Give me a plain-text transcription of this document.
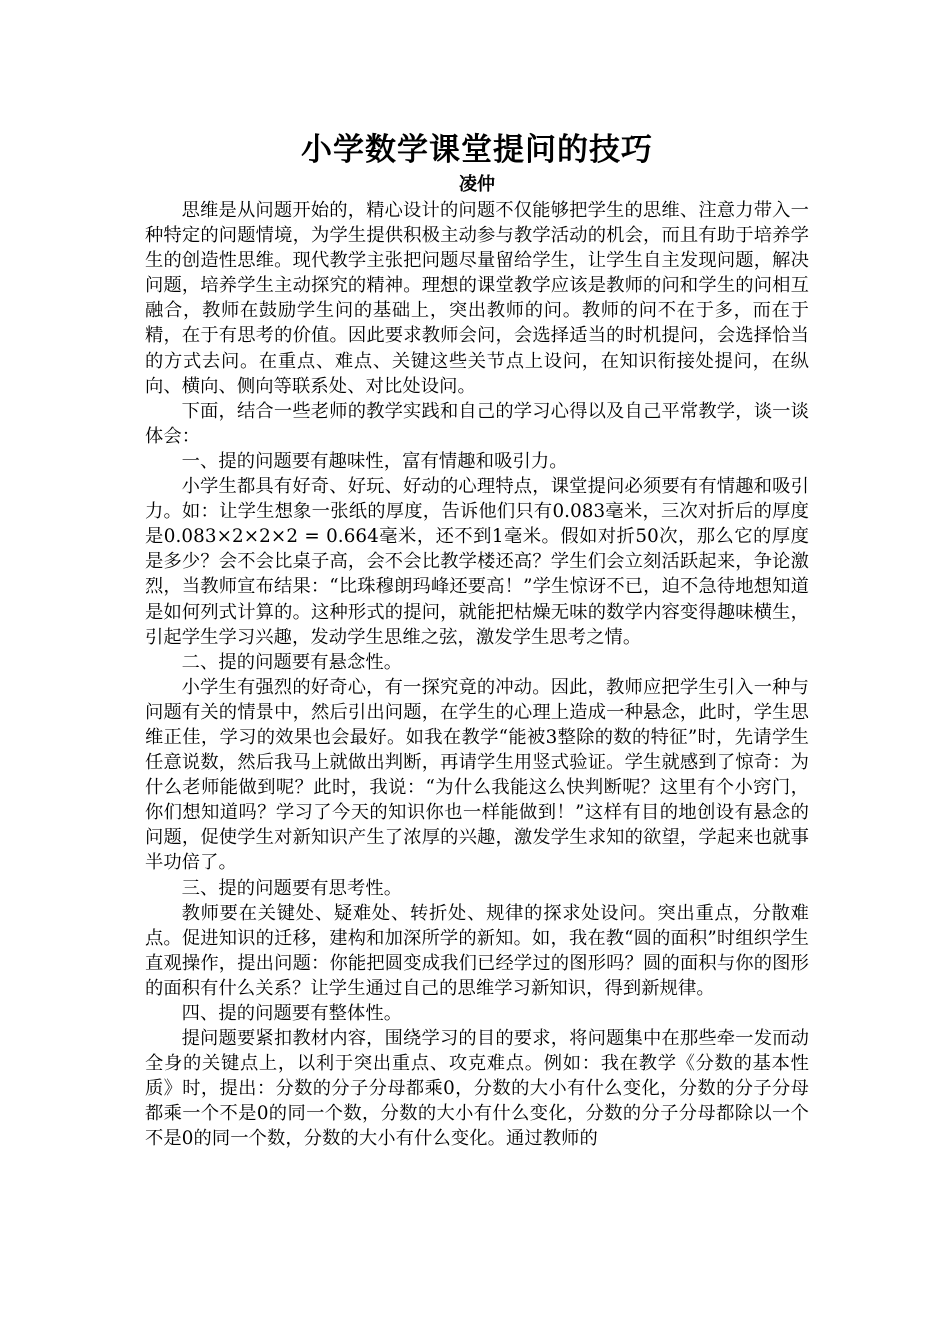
小学数学课堂提问的技巧

凌仲

思维是从问题开始的，精心设计的问题不仅能够把学生的思维、注意力带入一种特定的问题情境，为学生提供积极主动参与教学活动的机会，而且有助于培养学生的创造性思维。现代教学主张把问题尽量留给学生，让学生自主发现问题，解决问题，培养学生主动探究的精神。理想的课堂教学应该是教师的问和学生的问相互融合，教师在鼓励学生问的基础上，突出教师的问。教师的问不在于多，而在于精，在于有思考的价值。因此要求教师会问，会选择适当的时机提问，会选择恰当的方式去问。在重点、难点、关键这些关节点上设问，在知识衔接处提问，在纵向、横向、侧向等联系处、对比处设问。

下面，结合一些老师的教学实践和自己的学习心得以及自己平常教学，谈一谈体会：

一、提的问题要有趣味性，富有情趣和吸引力。

小学生都具有好奇、好玩、好动的心理特点，课堂提问必须要有有情趣和吸引力。如：让学生想象一张纸的厚度，告诉他们只有0.083毫米，三次对折后的厚度是0.083×2×2×2 = 0.664毫米，还不到1毫米。假如对折50次，那么它的厚度是多少？会不会比桌子高，会不会比教学楼还高？学生们会立刻活跃起来，争论激烈，当教师宣布结果：“比珠穆朗玛峰还要高！”学生惊讶不已，迫不急待地想知道是如何列式计算的。这种形式的提问，就能把枯燥无味的数学内容变得趣味横生，引起学生学习兴趣，发动学生思维之弦，激发学生思考之情。

二、提的问题要有悬念性。

小学生有强烈的好奇心，有一探究竟的冲动。因此，教师应把学生引入一种与问题有关的情景中，然后引出问题，在学生的心理上造成一种悬念，此时，学生思维正佳，学习的效果也会最好。如我在教学“能被3整除的数的特征”时，先请学生任意说数，然后我马上就做出判断，再请学生用竖式验证。学生就感到了惊奇：为什么老师能做到呢？此时，我说：“为什么我能这么快判断呢？这里有个小窍门，你们想知道吗？学习了今天的知识你也一样能做到！”这样有目的地创设有悬念的问题，促使学生对新知识产生了浓厚的兴趣，激发学生求知的欲望，学起来也就事半功倍了。

三、提的问题要有思考性。

教师要在关键处、疑难处、转折处、规律的探求处设问。突出重点，分散难点。促进知识的迁移，建构和加深所学的新知。如，我在教“圆的面积”时组织学生直观操作，提出问题：你能把圆变成我们已经学过的图形吗？圆的面积与你的图形的面积有什么关系？让学生通过自己的思维学习新知识，得到新规律。

四、提的问题要有整体性。

提问题要紧扣教材内容，围绕学习的目的要求，将问题集中在那些牵一发而动全身的关键点上，以利于突出重点、攻克难点。例如：我在教学《分数的基本性质》时，提出：分数的分子分母都乘0，分数的大小有什么变化，分数的分子分母都乘一个不是0的同一个数，分数的大小有什么变化，分数的分子分母都除以一个不是0的同一个数，分数的大小有什么变化。通过教师的
